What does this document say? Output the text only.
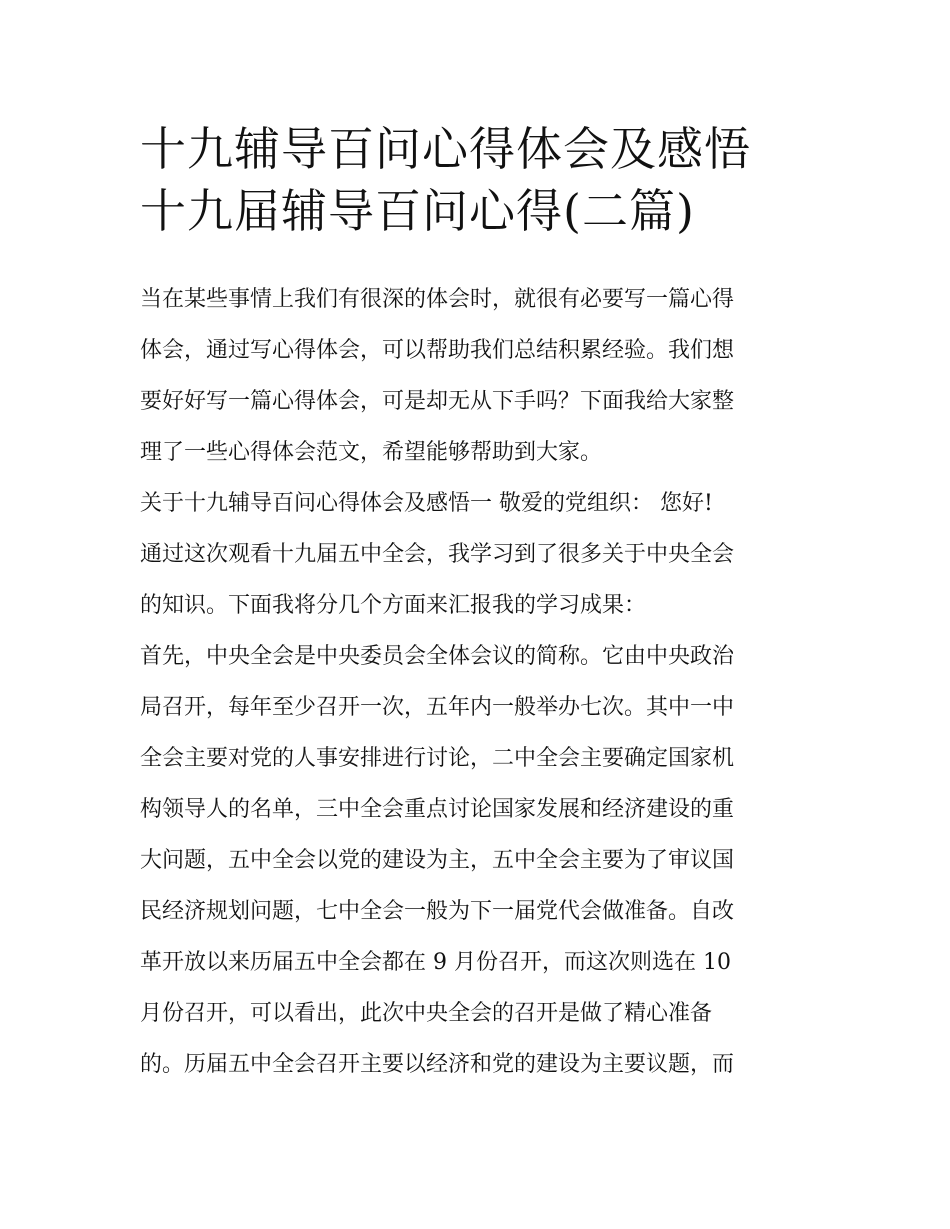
十九辅导百问心得体会及感悟
十九届辅导百问心得(二篇)
当在某些事情上我们有很深的体会时，就很有必要写一篇心得
体会，通过写心得体会，可以帮助我们总结积累经验。我们想
要好好写一篇心得体会，可是却无从下手吗？下面我给大家整
理了一些心得体会范文，希望能够帮助到大家。
关于十九辅导百问心得体会及感悟一 敬爱的党组织： 您好!
通过这次观看十九届五中全会，我学习到了很多关于中央全会
的知识。下面我将分几个方面来汇报我的学习成果：
首先，中央全会是中央委员会全体会议的简称。它由中央政治
局召开，每年至少召开一次，五年内一般举办七次。其中一中
全会主要对党的人事安排进行讨论，二中全会主要确定国家机
构领导人的名单，三中全会重点讨论国家发展和经济建设的重
大问题，五中全会以党的建设为主，五中全会主要为了审议国
民经济规划问题，七中全会一般为下一届党代会做准备。自改
革开放以来历届五中全会都在 9 月份召开，而这次则选在 10
月份召开，可以看出，此次中央全会的召开是做了精心准备
的。历届五中全会召开主要以经济和党的建设为主要议题，而
